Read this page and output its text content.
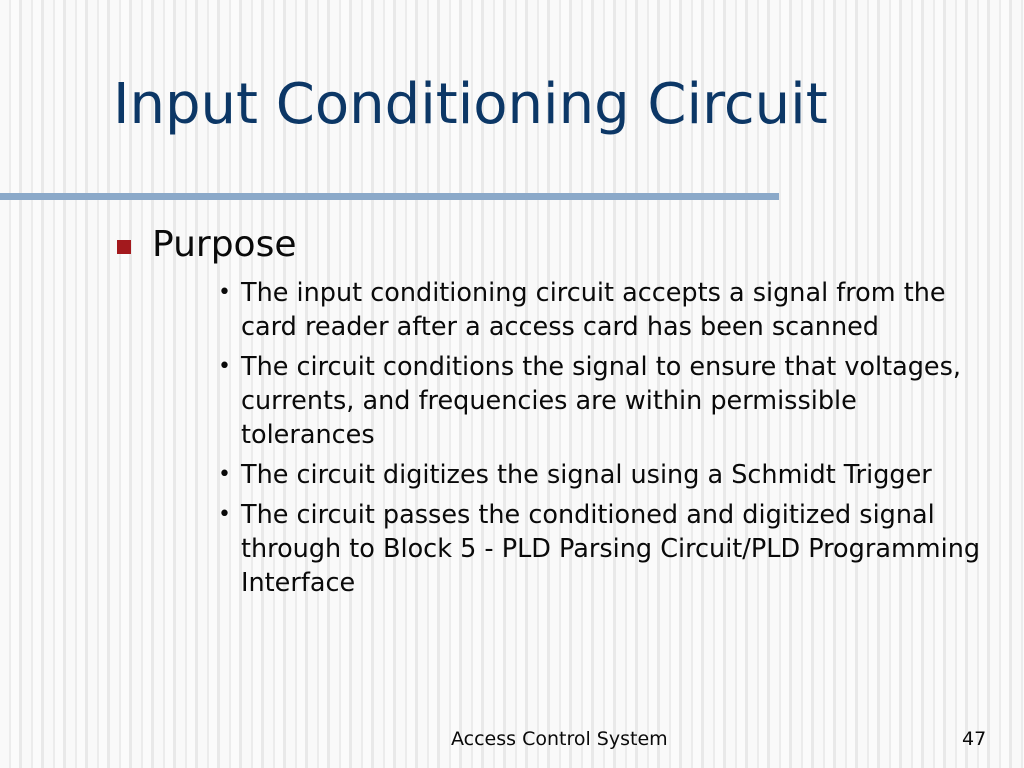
Input Conditioning Circuit
Purpose
• The input conditioning circuit accepts a signal from the card reader after a access card has been scanned
• The circuit conditions the signal to ensure that voltages, currents, and frequencies are within permissible tolerances
• The circuit digitizes the signal using a Schmidt Trigger
• The circuit passes the conditioned and digitized signal through to Block 5 - PLD Parsing Circuit/PLD Programming Interface
Access Control System	47
